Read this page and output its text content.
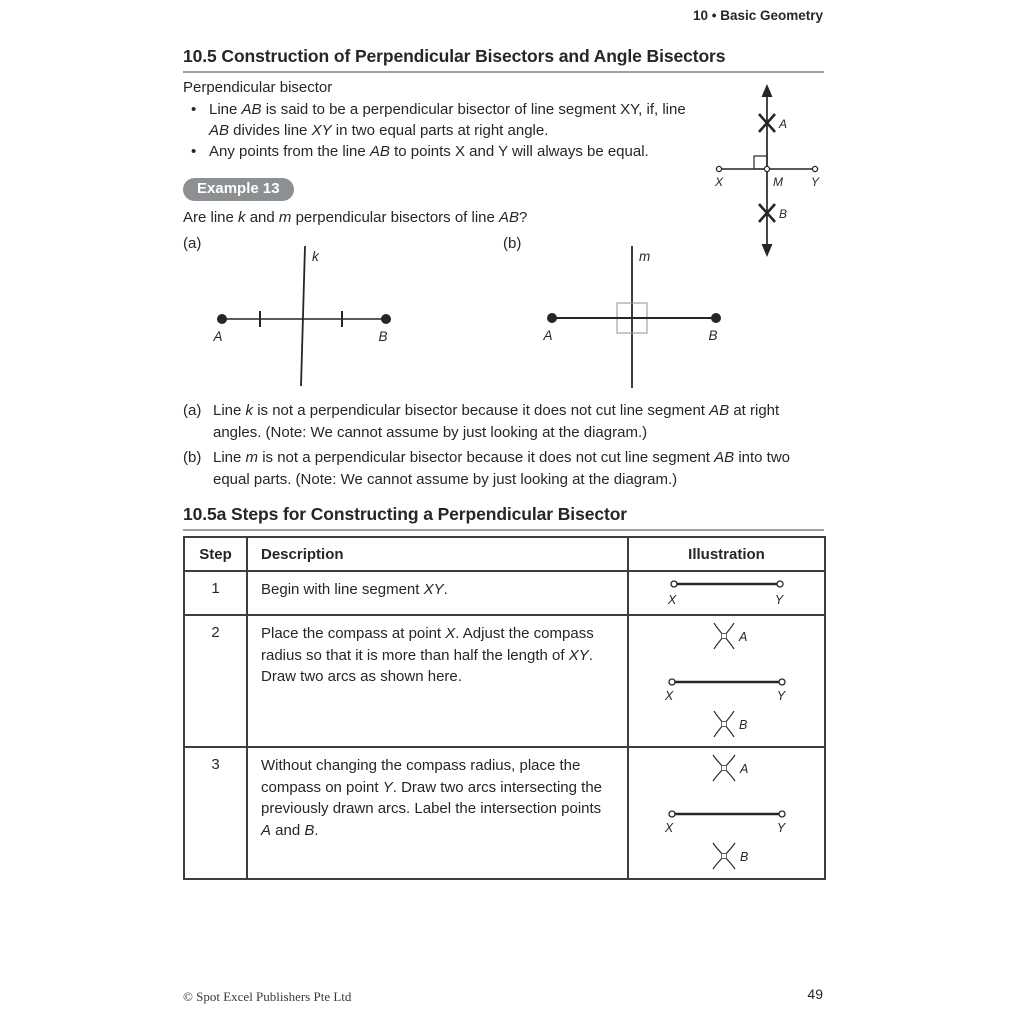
10 • Basic Geometry
10.5 Construction of Perpendicular Bisectors and Angle Bisectors
Perpendicular bisector
• Line AB is said to be a perpendicular bisector of line segment XY, if, line AB divides line XY in two equal parts at right angle.
• Any points from the line AB to points X and Y will always be equal.
X	M Y
A
B
Example 13
Are line k and m perpendicular bisectors of line AB?
(a)	(b)
k
A	B
m
A	B
(a) Line k is not a perpendicular bisector because it does not cut line segment AB at right angles. (Note: We cannot assume by just looking at the diagram.)
(b) Line m is not a perpendicular bisector because it does not cut line segment AB into two equal parts. (Note: We cannot assume by just looking at the diagram.)
10.5a Steps for Constructing a Perpendicular Bisector
Step	Description	Illustration
1	Begin with line segment XY.	X Y

2	Place the compass at point X. Adjust the compass radius so that it is more than half the length of XY. Draw two arcs as shown here.	A
X Y
B

3	Without changing the compass radius, place the compass on point Y. Draw two arcs intersecting the previously drawn arcs. Label the intersection points A and B.	A
X Y
B
© Spot Excel Publishers Pte Ltd	49
